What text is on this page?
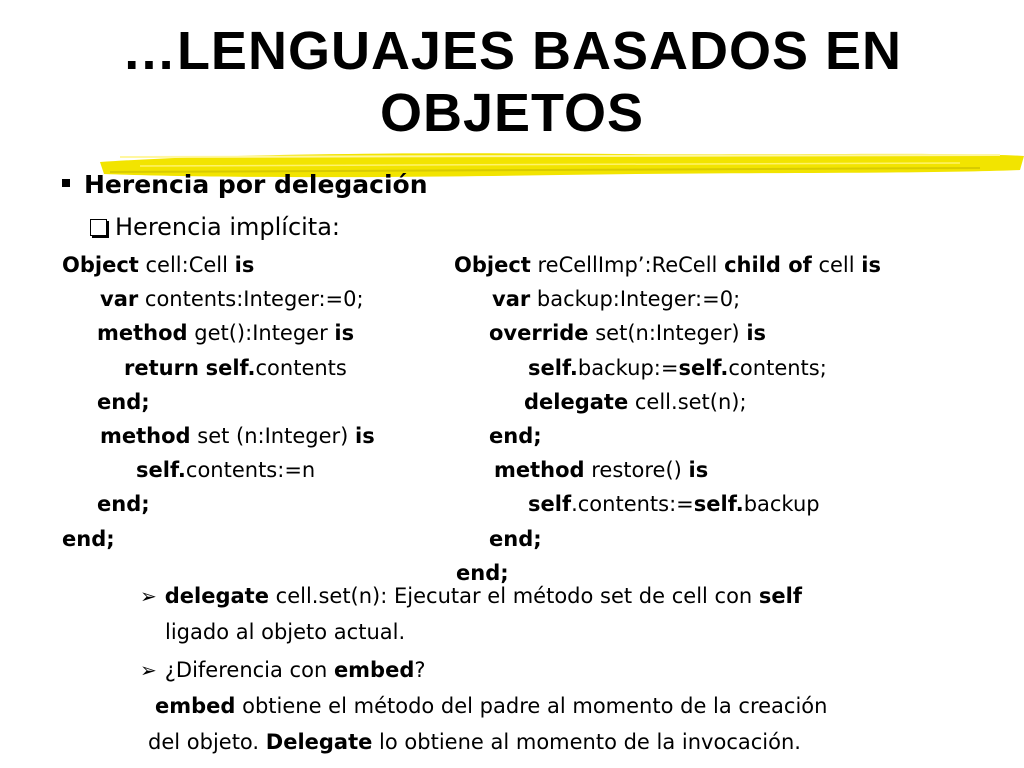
…LENGUAJES BASADOS EN
OBJETOS
Herencia por delegación
Herencia implícita:
Object cell:Cell is
var contents:Integer:=0;
method get():Integer is
return self.contents
end;
method set (n:Integer) is
self.contents:=n
end;
end;
Object reCellImp’:ReCell child of cell is
var backup:Integer:=0;
override set(n:Integer) is
self.backup:=self.contents;
delegate cell.set(n);
end;
method restore() is
self.contents:=self.backup
end;
end;
➢ delegate cell.set(n): Ejecutar el método set de cell con self
ligado al objeto actual.
➢ ¿Diferencia con embed?
embed obtiene el método del padre al momento de la creación
del objeto. Delegate lo obtiene al momento de la invocación.
